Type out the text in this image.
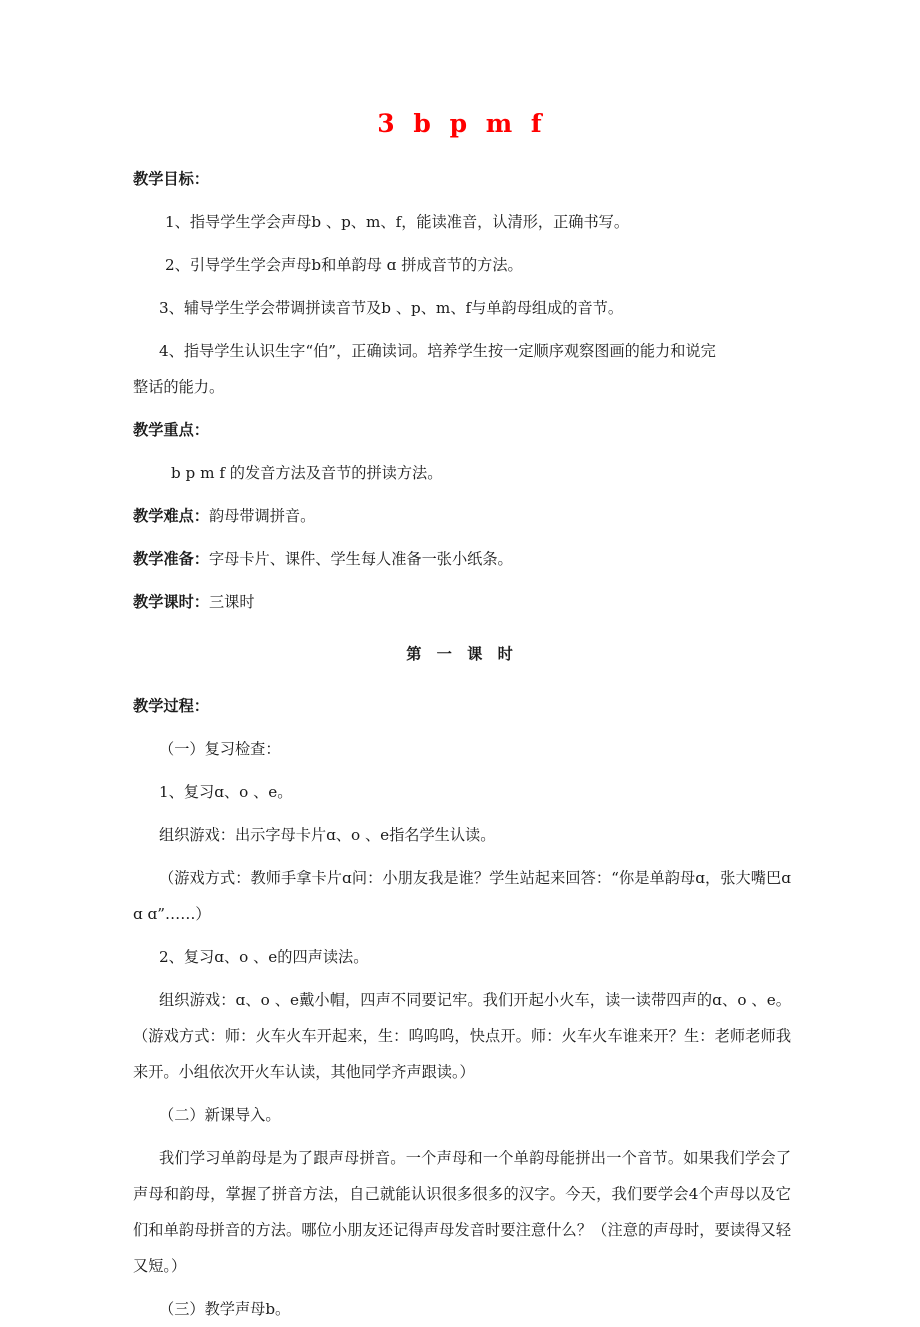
3 b p m f

教学目标：

1、指导学生学会声母b 、p、m、f，能读准音，认清形，正确书写。

2、引导学生学会声母b和单韵母 ɑ 拼成音节的方法。

3、辅导学生学会带调拼读音节及b 、p、m、f与单韵母组成的音节。

4、指导学生认识生字“伯”，正确读词。培养学生按一定顺序观察图画的能力和说完

整话的能力。

教学重点：

b p m f 的发音方法及音节的拼读方法。

教学难点：韵母带调拼音。

教学准备：字母卡片、课件、学生每人准备一张小纸条。

教学课时：三课时

第 一 课 时

教学过程：

（一）复习检查：

1、复习ɑ、o 、e。

组织游戏：出示字母卡片ɑ、o 、e指名学生认读。

（游戏方式：教师手拿卡片ɑ问：小朋友我是谁？学生站起来回答：“你是单韵母ɑ，张大嘴巴ɑ ɑ ɑ”……）

2、复习ɑ、o 、e的四声读法。

组织游戏：ɑ、o 、e戴小帽，四声不同要记牢。我们开起小火车，读一读带四声的ɑ、o 、e。（游戏方式：师：火车火车开起来，生：呜呜呜，快点开。师：火车火车谁来开？生：老师老师我来开。小组依次开火车认读，其他同学齐声跟读。）

（二）新课导入。

我们学习单韵母是为了跟声母拼音。一个声母和一个单韵母能拼出一个音节。如果我们学会了声母和韵母，掌握了拼音方法，自己就能认识很多很多的汉字。今天，我们要学会4个声母以及它们和单韵母拼音的方法。哪位小朋友还记得声母发音时要注意什么？（注意的声母时，要读得又轻又短。）

（三）教学声母b。
